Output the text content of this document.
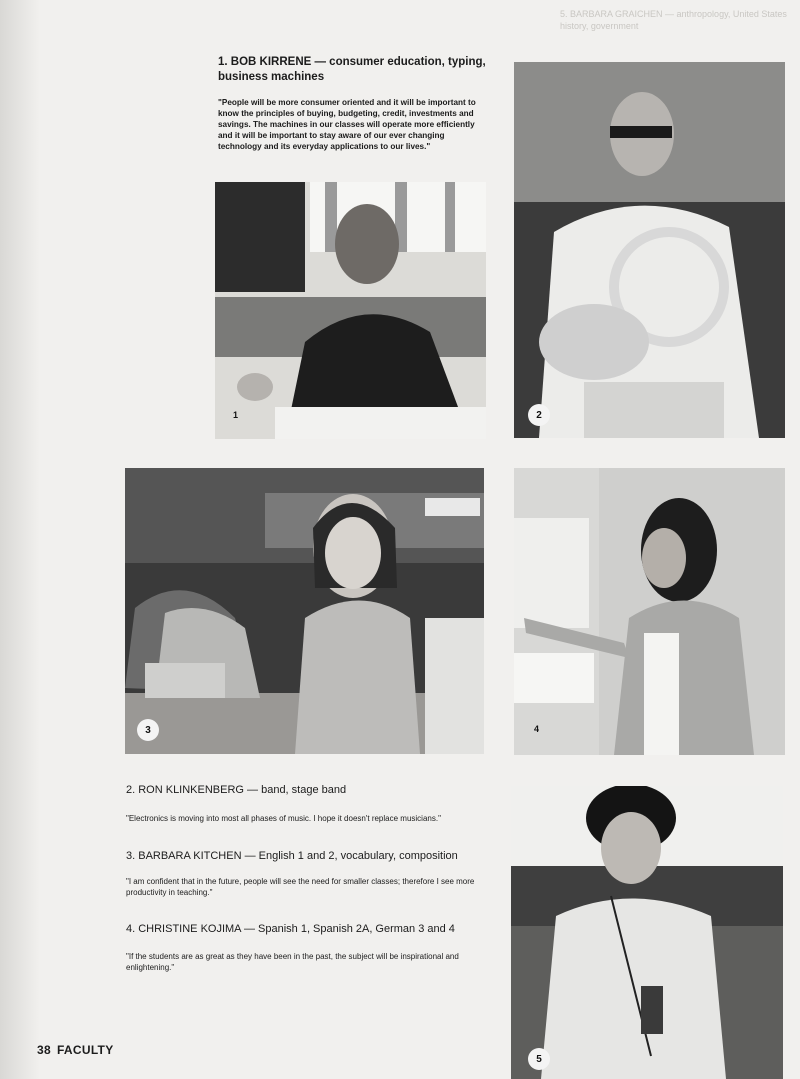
5. BARBARA GRAICHEN — anthropology, United States history, government

1. BOB KIRRENE — consumer education, typing, business machines

"People will be more consumer oriented and it will be important to know the principles of buying, budgeting, credit, investments and savings. The machines in our classes will operate more efficiently and it will be important to stay aware of our ever changing technology and its everyday applications to our lives."

1	2
3	4
5

2. RON KLINKENBERG — band, stage band

"Electronics is moving into most all phases of music. I hope it doesn't replace musicians."

3. BARBARA KITCHEN — English 1 and 2, vocabulary, composition

"I am confident that in the future, people will see the need for smaller classes; therefore I see more productivity in teaching."

4. CHRISTINE KOJIMA — Spanish 1, Spanish 2A, German 3 and 4

"If the students are as great as they have been in the past, the subject will be inspirational and enlightening."

38 FACULTY
